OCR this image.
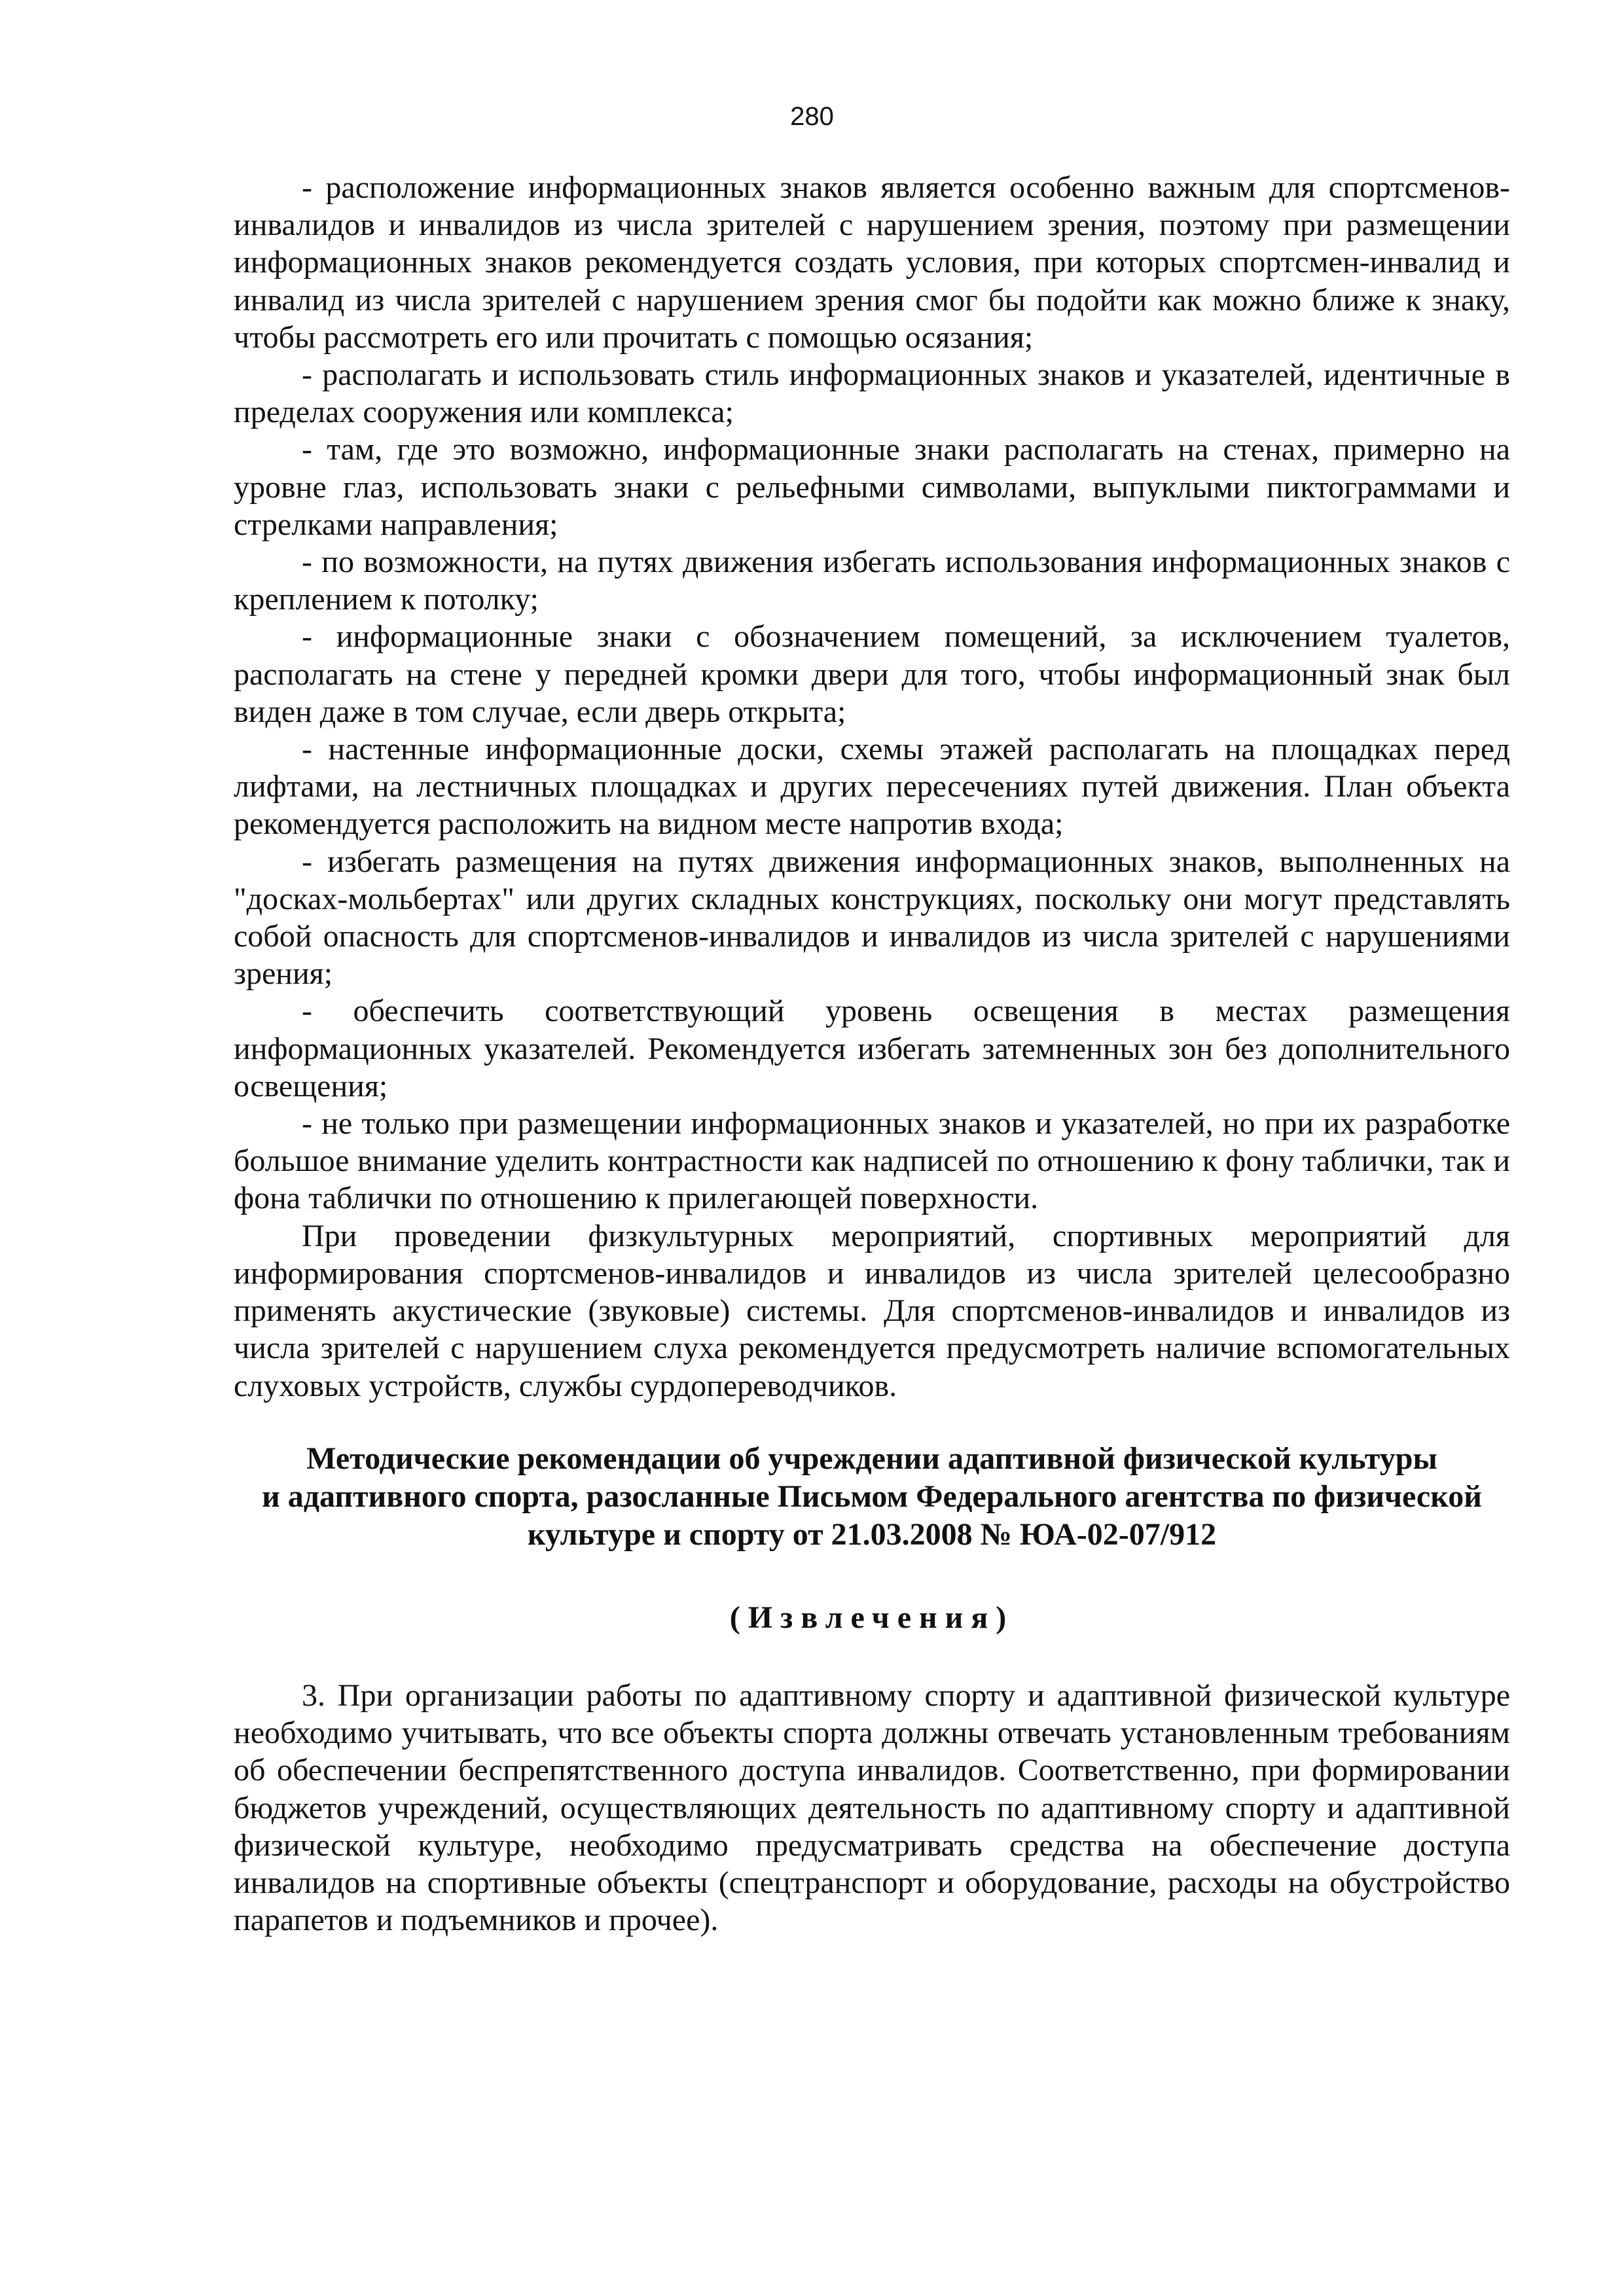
280

- расположение информационных знаков является особенно важным для спортсменов-инвалидов и инвалидов из числа зрителей с нарушением зрения, поэтому при размещении информационных знаков рекомендуется создать условия, при которых спортсмен-инвалид и инвалид из числа зрителей с нарушением зрения смог бы подойти как можно ближе к знаку, чтобы рассмотреть его или прочитать с помощью осязания;

- располагать и использовать стиль информационных знаков и указателей, идентичные в пределах сооружения или комплекса;

- там, где это возможно, информационные знаки располагать на стенах, примерно на уровне глаз, использовать знаки с рельефными символами, выпуклыми пиктограммами и стрелками направления;

- по возможности, на путях движения избегать использования информационных знаков с креплением к потолку;

- информационные знаки с обозначением помещений, за исключением туалетов, располагать на стене у передней кромки двери для того, чтобы информационный знак был виден даже в том случае, если дверь открыта;

- настенные информационные доски, схемы этажей располагать на площадках перед лифтами, на лестничных площадках и других пересечениях путей движения. План объекта рекомендуется расположить на видном месте напротив входа;

- избегать размещения на путях движения информационных знаков, выполненных на "досках-мольбертах" или других складных конструкциях, поскольку они могут представлять собой опасность для спортсменов-инвалидов и инвалидов из числа зрителей с нарушениями зрения;

- обеспечить соответствующий уровень освещения в местах размещения информационных указателей. Рекомендуется избегать затемненных зон без дополнительного освещения;

- не только при размещении информационных знаков и указателей, но при их разработке большое внимание уделить контрастности как надписей по отношению к фону таблички, так и фона таблички по отношению к прилегающей поверхности.

При проведении физкультурных мероприятий, спортивных мероприятий для информирования спортсменов-инвалидов и инвалидов из числа зрителей целесообразно применять акустические (звуковые) системы. Для спортсменов-инвалидов и инвалидов из числа зрителей с нарушением слуха рекомендуется предусмотреть наличие вспомогательных слуховых устройств, службы сурдопереводчиков.

Методические рекомендации об учреждении адаптивной физической культуры
и адаптивного спорта, разосланные Письмом Федерального агентства по физической
культуре и спорту от 21.03.2008 № ЮА-02-07/912
(Извлечения)

3. При организации работы по адаптивному спорту и адаптивной физической культуре необходимо учитывать, что все объекты спорта должны отвечать установленным требованиям об обеспечении беспрепятственного доступа инвалидов. Соответственно, при формировании бюджетов учреждений, осуществляющих деятельность по адаптивному спорту и адаптивной физической культуре, необходимо предусматривать средства на обеспечение доступа инвалидов на спортивные объекты (спецтранспорт и оборудование, расходы на обустройство парапетов и подъемников и прочее).
